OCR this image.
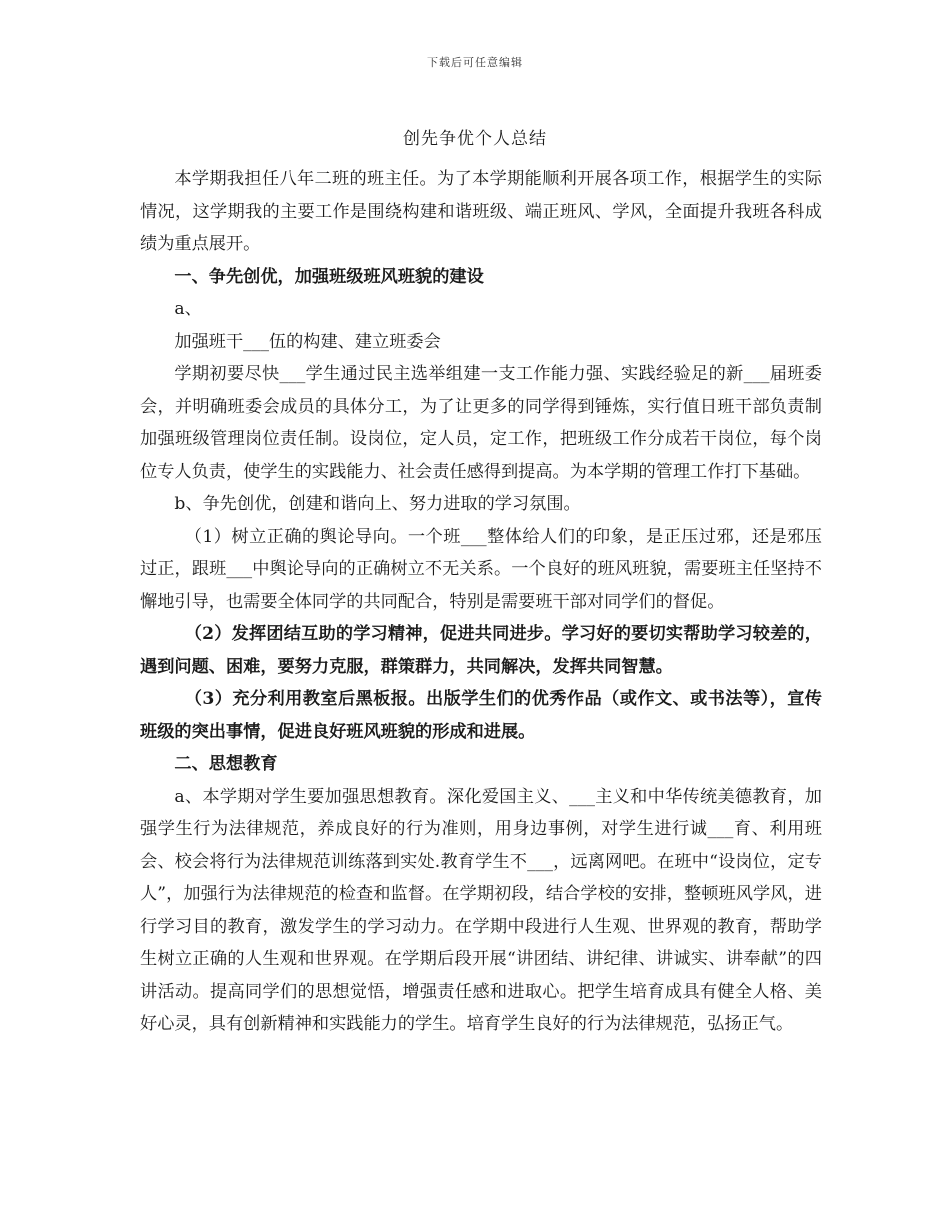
下载后可任意编辑
创先争优个人总结

本学期我担任八年二班的班主任。为了本学期能顺利开展各项工作，根据学生的实际情况，这学期我的主要工作是围绕构建和谐班级、端正班风、学风，全面提升我班各科成绩为重点展开。

一、争先创优，加强班级班风班貌的建设

a、

加强班干___伍的构建、建立班委会

学期初要尽快___学生通过民主选举组建一支工作能力强、实践经验足的新___届班委会，并明确班委会成员的具体分工，为了让更多的同学得到锤炼，实行值日班干部负责制加强班级管理岗位责任制。设岗位，定人员，定工作，把班级工作分成若干岗位，每个岗位专人负责，使学生的实践能力、社会责任感得到提高。为本学期的管理工作打下基础。

b、争先创优，创建和谐向上、努力进取的学习氛围。

（1）树立正确的舆论导向。一个班___整体给人们的印象，是正压过邪，还是邪压过正，跟班___中舆论导向的正确树立不无关系。一个良好的班风班貌，需要班主任坚持不懈地引导，也需要全体同学的共同配合，特别是需要班干部对同学们的督促。

（2）发挥团结互助的学习精神，促进共同进步。学习好的要切实帮助学习较差的，遇到问题、困难，要努力克服，群策群力，共同解决，发挥共同智慧。

（3）充分利用教室后黑板报。出版学生们的优秀作品（或作文、或书法等），宣传班级的突出事情，促进良好班风班貌的形成和进展。

二、思想教育

a、本学期对学生要加强思想教育。深化爱国主义、___主义和中华传统美德教育，加强学生行为法律规范，养成良好的行为准则，用身边事例，对学生进行诚___育、利用班会、校会将行为法律规范训练落到实处.教育学生不___，远离网吧。在班中“设岗位，定专人”，加强行为法律规范的检查和监督。在学期初段，结合学校的安排，整顿班风学风，进行学习目的教育，激发学生的学习动力。在学期中段进行人生观、世界观的教育，帮助学生树立正确的人生观和世界观。在学期后段开展“讲团结、讲纪律、讲诚实、讲奉献”的四讲活动。提高同学们的思想觉悟，增强责任感和进取心。把学生培育成具有健全人格、美好心灵，具有创新精神和实践能力的学生。培育学生良好的行为法律规范，弘扬正气。
